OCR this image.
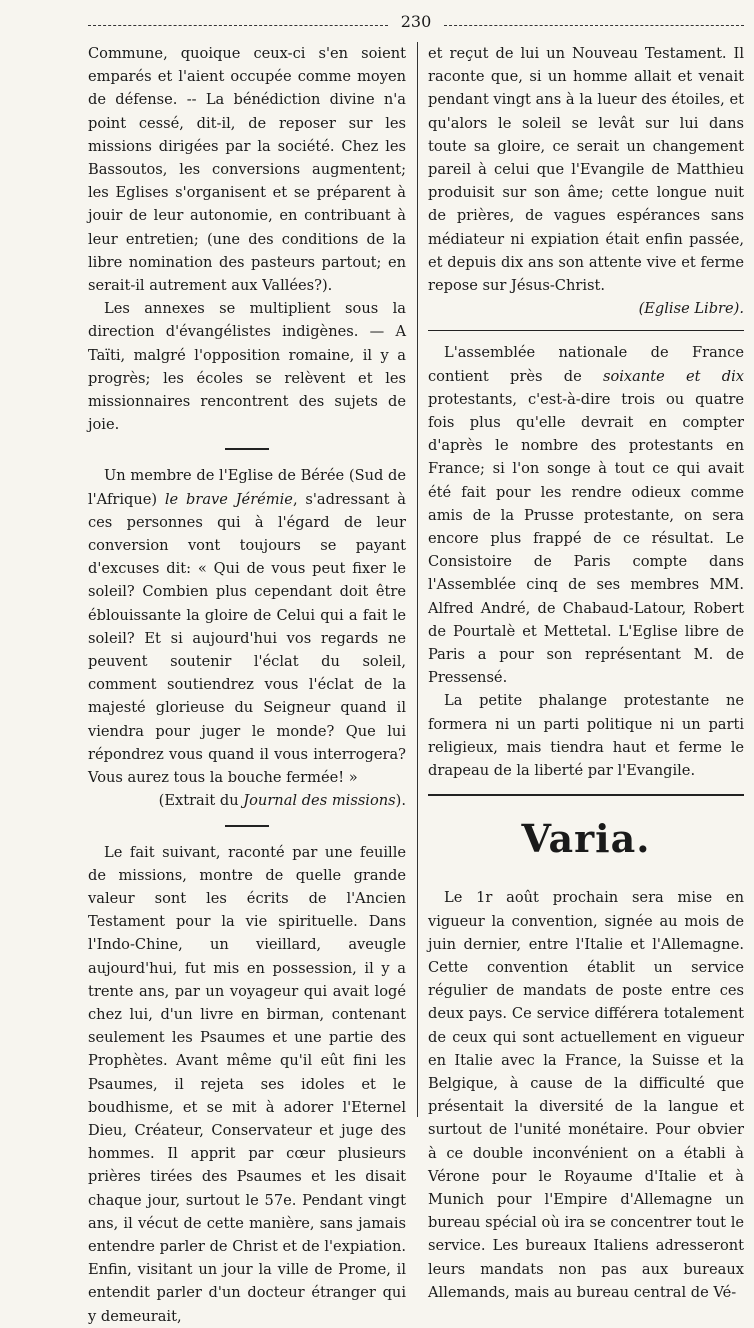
230

Commune, quoique ceux-ci s'en soient emparés et l'aient occupée comme moyen de défense. -- La bénédiction divine n'a point cessé, dit-il, de reposer sur les missions dirigées par la société. Chez les Bassoutos, les conversions augmentent; les Eglises s'organisent et se préparent à jouir de leur autonomie, en contribuant à leur entretien; (une des conditions de la libre nomination des pasteurs partout; en serait-il autrement aux Vallées?).

Les annexes se multiplient sous la direction d'évangélistes indigènes. — A Taïti, malgré l'opposition romaine, il y a progrès; les écoles se relèvent et les missionnaires rencontrent des sujets de joie.

Un membre de l'Eglise de Bérée (Sud de l'Afrique) le brave Jérémie, s'adressant à ces personnes qui à l'égard de leur conversion vont toujours se payant d'excuses dit: « Qui de vous peut fixer le soleil? Combien plus cependant doit être éblouissante la gloire de Celui qui a fait le soleil? Et si aujourd'hui vos regards ne peuvent soutenir l'éclat du soleil, comment soutiendrez vous l'éclat de la majesté glorieuse du Seigneur quand il viendra pour juger le monde? Que lui répondrez vous quand il vous interrogera? Vous aurez tous la bouche fermée! »

(Extrait du Journal des missions).

Le fait suivant, raconté par une feuille de missions, montre de quelle grande valeur sont les écrits de l'Ancien Testament pour la vie spirituelle. Dans l'Indo-Chine, un vieillard, aveugle aujourd'hui, fut mis en possession, il y a trente ans, par un voyageur qui avait logé chez lui, d'un livre en birman, contenant seulement les Psaumes et une partie des Prophètes. Avant même qu'il eût fini les Psaumes, il rejeta ses idoles et le boudhisme, et se mit à adorer l'Eternel Dieu, Créateur, Conservateur et juge des hommes. Il apprit par cœur plusieurs prières tirées des Psaumes et les disait chaque jour, surtout le 57e. Pendant vingt ans, il vécut de cette manière, sans jamais entendre parler de Christ et de l'expiation. Enfin, visitant un jour la ville de Prome, il entendit parler d'un docteur étranger qui y demeurait,

et reçut de lui un Nouveau Testament. Il raconte que, si un homme allait et venait pendant vingt ans à la lueur des étoiles, et qu'alors le soleil se levât sur lui dans toute sa gloire, ce serait un changement pareil à celui que l'Evangile de Matthieu produisit sur son âme; cette longue nuit de prières, de vagues espérances sans médiateur ni expiation était enfin passée, et depuis dix ans son attente vive et ferme repose sur Jésus-Christ.

(Eglise Libre).

L'assemblée nationale de France contient près de soixante et dix protestants, c'est-à-dire trois ou quatre fois plus qu'elle devrait en compter d'après le nombre des protestants en France; si l'on songe à tout ce qui avait été fait pour les rendre odieux comme amis de la Prusse protestante, on sera encore plus frappé de ce résultat. Le Consistoire de Paris compte dans l'Assemblée cinq de ses membres MM. Alfred André, de Chabaud-Latour, Robert de Pourtalè et Mettetal. L'Eglise libre de Paris a pour son représentant M. de Pressensé.

La petite phalange protestante ne formera ni un parti politique ni un parti religieux, mais tiendra haut et ferme le drapeau de la liberté par l'Evangile.

Varia.

Le 1r août prochain sera mise en vigueur la convention, signée au mois de juin dernier, entre l'Italie et l'Allemagne. Cette convention établit un service régulier de mandats de poste entre ces deux pays. Ce service différera totalement de ceux qui sont actuellement en vigueur en Italie avec la France, la Suisse et la Belgique, à cause de la difficulté que présentait la diversité de la langue et surtout de l'unité monétaire. Pour obvier à ce double inconvénient on a établi à Vérone pour le Royaume d'Italie et à Munich pour l'Empire d'Allemagne un bureau spécial où ira se concentrer tout le service. Les bureaux Italiens adresseront leurs mandats non pas aux bureaux Allemands, mais au bureau central de Vé-
